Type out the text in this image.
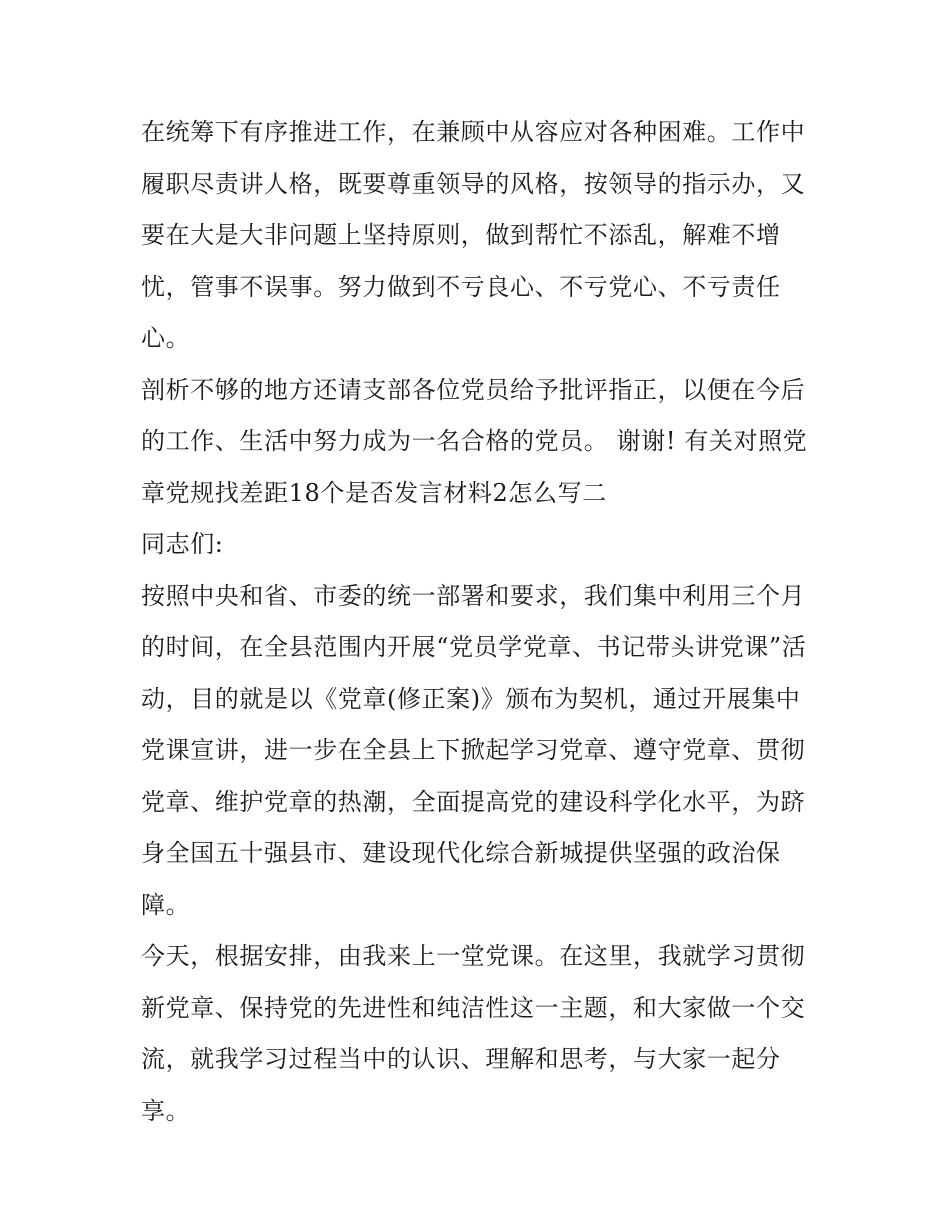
在统筹下有序推进工作，在兼顾中从容应对各种困难。工作中履职尽责讲人格，既要尊重领导的风格，按领导的指示办，又要在大是大非问题上坚持原则，做到帮忙不添乱，解难不增忧，管事不误事。努力做到不亏良心、不亏党心、不亏责任心。

剖析不够的地方还请支部各位党员给予批评指正，以便在今后的工作、生活中努力成为一名合格的党员。 谢谢! 有关对照党章党规找差距18个是否发言材料2怎么写二

同志们:

按照中央和省、市委的统一部署和要求，我们集中利用三个月的时间，在全县范围内开展“党员学党章、书记带头讲党课”活动，目的就是以《党章(修正案)》颁布为契机，通过开展集中党课宣讲，进一步在全县上下掀起学习党章、遵守党章、贯彻党章、维护党章的热潮，全面提高党的建设科学化水平，为跻身全国五十强县市、建设现代化综合新城提供坚强的政治保障。

今天，根据安排，由我来上一堂党课。在这里，我就学习贯彻新党章、保持党的先进性和纯洁性这一主题，和大家做一个交流，就我学习过程当中的认识、理解和思考，与大家一起分享。
